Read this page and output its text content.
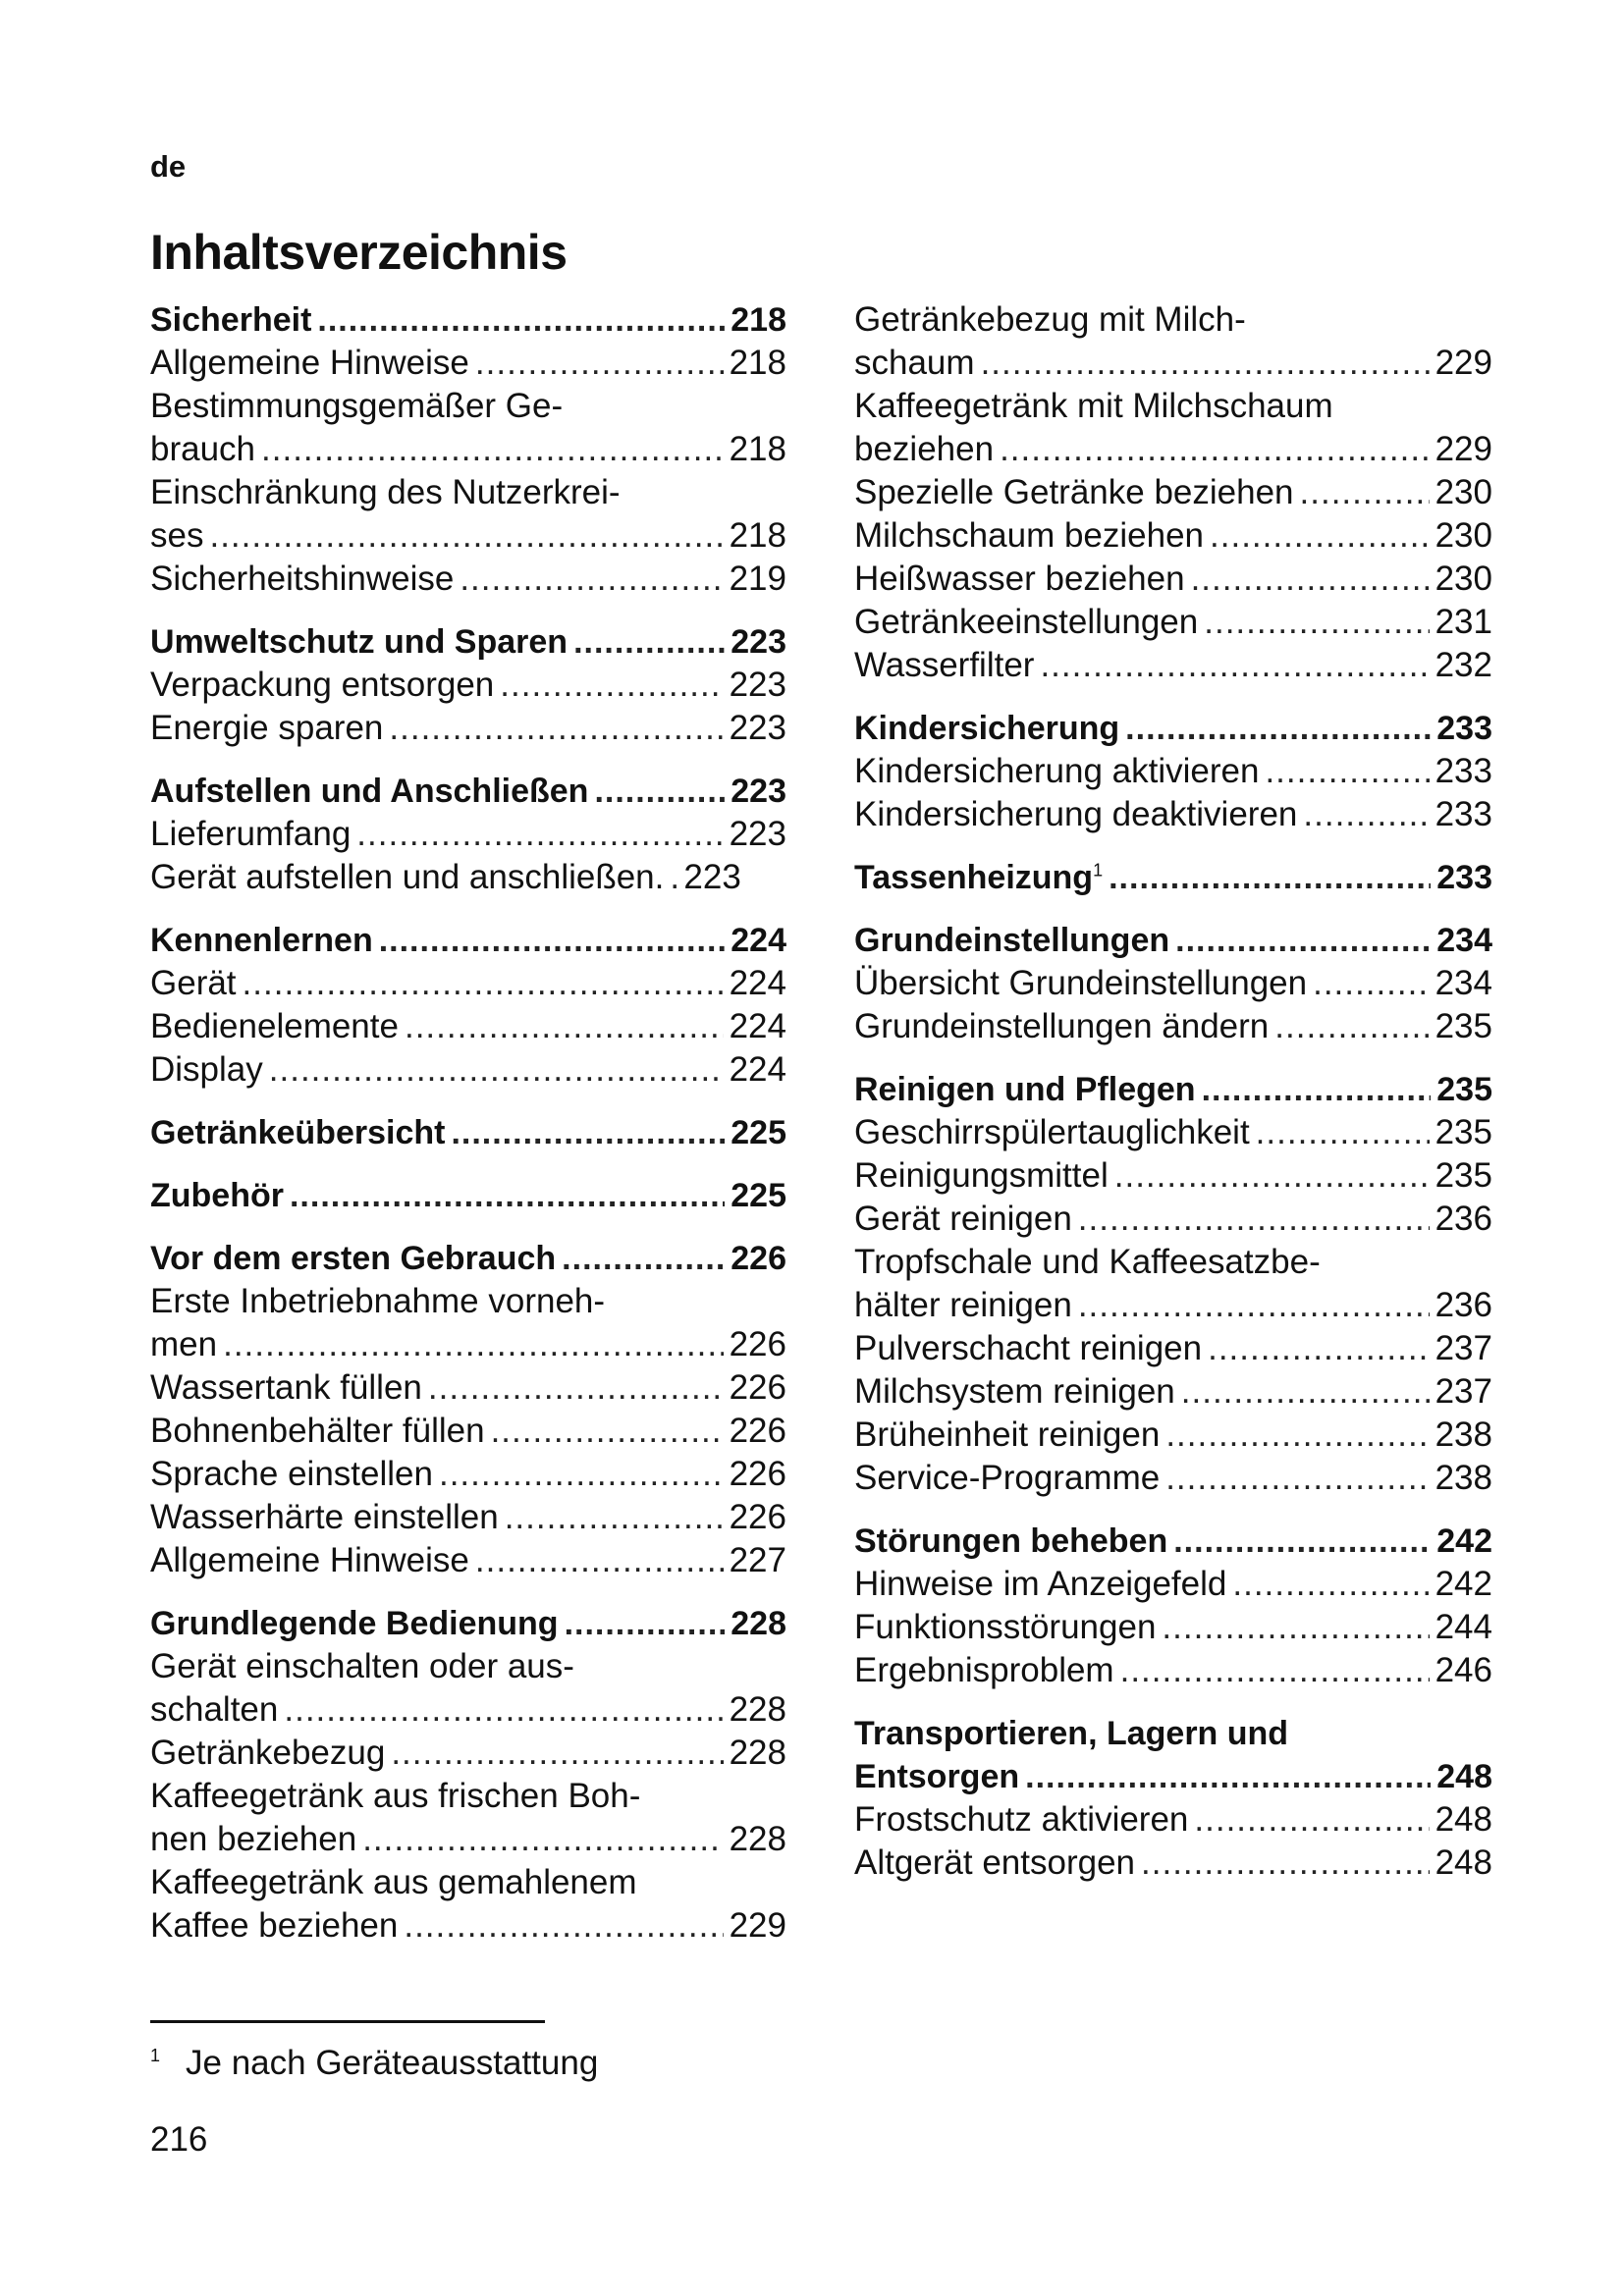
de
Inhaltsverzeichnis
Sicherheit .....	218
Allgemeine Hinweise .....	218
Bestimmungsgemäßer Ge-
brauch .....	218
Einschränkung des Nutzerkrei-
ses .....	218
Sicherheitshinweise .....	219
Umweltschutz und Sparen .....	223
Verpackung entsorgen .....	223
Energie sparen .....	223
Aufstellen und Anschließen .....	223
Lieferumfang .....	223
Gerät aufstellen und anschließen. ..... 223
Kennenlernen .....	224
Gerät .....	224
Bedienelemente .....	224
Display .....	224
Getränkeübersicht .....	225
Zubehör .....	225
Vor dem ersten Gebrauch .....	226
Erste Inbetriebnahme vorneh-
men .....	226
Wassertank füllen .....	226
Bohnenbehälter füllen .....	226
Sprache einstellen .....	226
Wasserhärte einstellen .....	226
Allgemeine Hinweise .....	227
Grundlegende Bedienung .....	228
Gerät einschalten oder aus-
schalten .....	228
Getränkebezug .....	228
Kaffeegetränk aus frischen Boh-
nen beziehen .....	228
Kaffeegetränk aus gemahlenem
Kaffee beziehen .....	229
Getränkebezug mit Milch-
schaum .....	229
Kaffeegetränk mit Milchschaum
beziehen .....	229
Spezielle Getränke beziehen .....	230
Milchschaum beziehen .....	230
Heißwasser beziehen .....	230
Getränkeeinstellungen .....	231
Wasserfilter .....	232
Kindersicherung .....	233
Kindersicherung aktivieren .....	233
Kindersicherung deaktivieren .....	233
Tassenheizung$^1$ .....	233
Grundeinstellungen .....	234
Übersicht Grundeinstellungen .....	234
Grundeinstellungen ändern .....	235
Reinigen und Pflegen .....	235
Geschirrspülertauglichkeit .....	235
Reinigungsmittel .....	235
Gerät reinigen .....	236
Tropfschale und Kaffeesatzbe-
hälter reinigen .....	236
Pulverschacht reinigen .....	237
Milchsystem reinigen .....	237
Brüheinheit reinigen .....	238
Service-Programme .....	238
Störungen beheben .....	242
Hinweise im Anzeigefeld .....	242
Funktionsstörungen .....	244
Ergebnisproblem .....	246
Transportieren, Lagern und
Entsorgen .....	248
Frostschutz aktivieren .....	248
Altgerät entsorgen .....	248
$^1$ Je nach Geräteausstattung
216
